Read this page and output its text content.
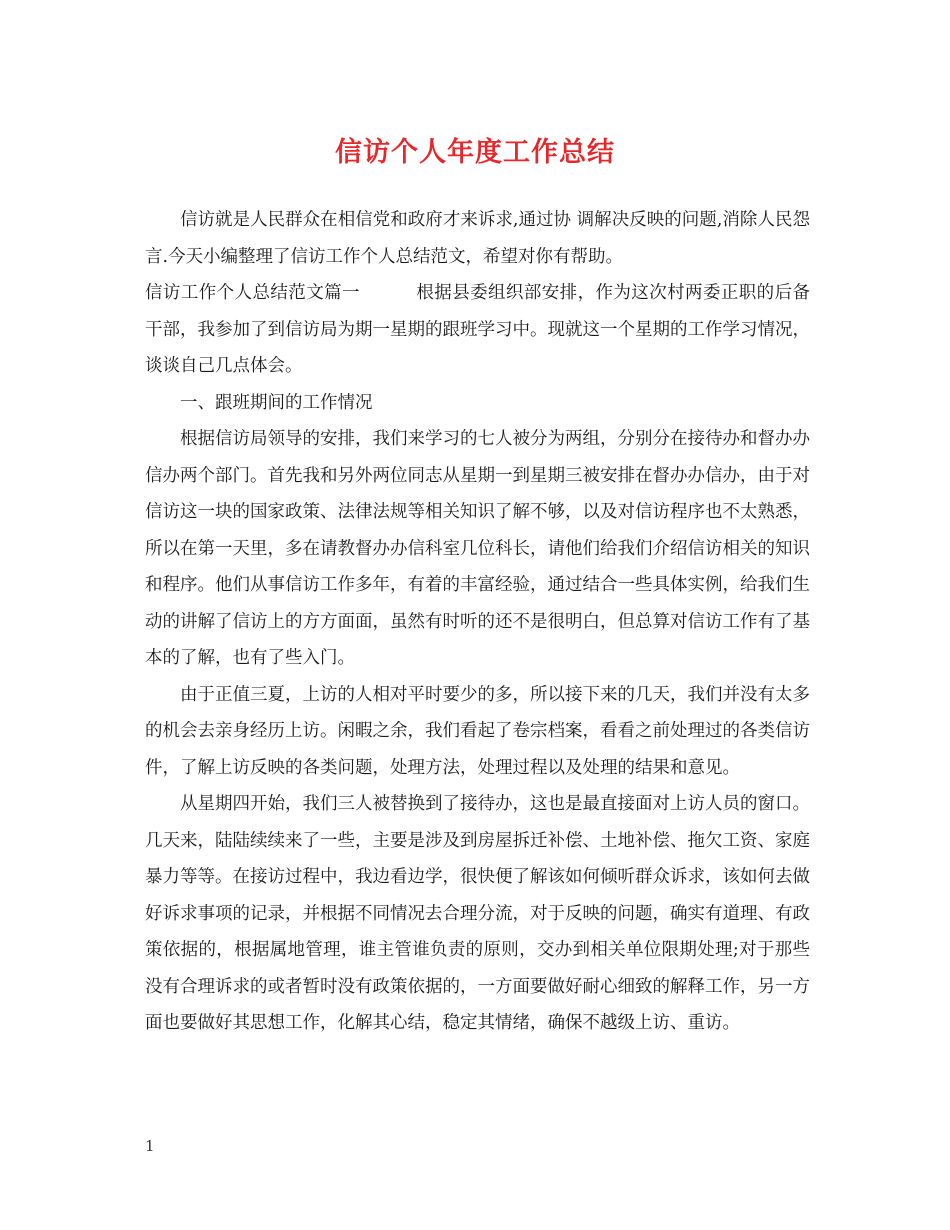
信访个人年度工作总结

信访就是人民群众在相信党和政府才来诉求,通过协 调解决反映的问题,消除人民怨言.今天小编整理了信访工作个人总结范文，希望对你有帮助。

信访工作个人总结范文篇一	根据县委组织部安排，作为这次村两委正职的后备干部，我参加了到信访局为期一星期的跟班学习中。现就这一个星期的工作学习情况，谈谈自己几点体会。

一、跟班期间的工作情况

根据信访局领导的安排，我们来学习的七人被分为两组，分别分在接待办和督办办信办两个部门。首先我和另外两位同志从星期一到星期三被安排在督办办信办，由于对信访这一块的国家政策、法律法规等相关知识了解不够，以及对信访程序也不太熟悉，所以在第一天里，多在请教督办办信科室几位科长，请他们给我们介绍信访相关的知识和程序。他们从事信访工作多年，有着的丰富经验，通过结合一些具体实例，给我们生动的讲解了信访上的方方面面，虽然有时听的还不是很明白，但总算对信访工作有了基本的了解，也有了些入门。

由于正值三夏，上访的人相对平时要少的多，所以接下来的几天，我们并没有太多的机会去亲身经历上访。闲暇之余，我们看起了卷宗档案，看看之前处理过的各类信访件，了解上访反映的各类问题，处理方法，处理过程以及处理的结果和意见。

从星期四开始，我们三人被替换到了接待办，这也是最直接面对上访人员的窗口。几天来，陆陆续续来了一些，主要是涉及到房屋拆迁补偿、土地补偿、拖欠工资、家庭暴力等等。在接访过程中，我边看边学，很快便了解该如何倾听群众诉求，该如何去做好诉求事项的记录，并根据不同情况去合理分流，对于反映的问题，确实有道理、有政策依据的，根据属地管理，谁主管谁负责的原则，交办到相关单位限期处理;对于那些没有合理诉求的或者暂时没有政策依据的，一方面要做好耐心细致的解释工作，另一方面也要做好其思想工作，化解其心结，稳定其情绪，确保不越级上访、重访。

1
